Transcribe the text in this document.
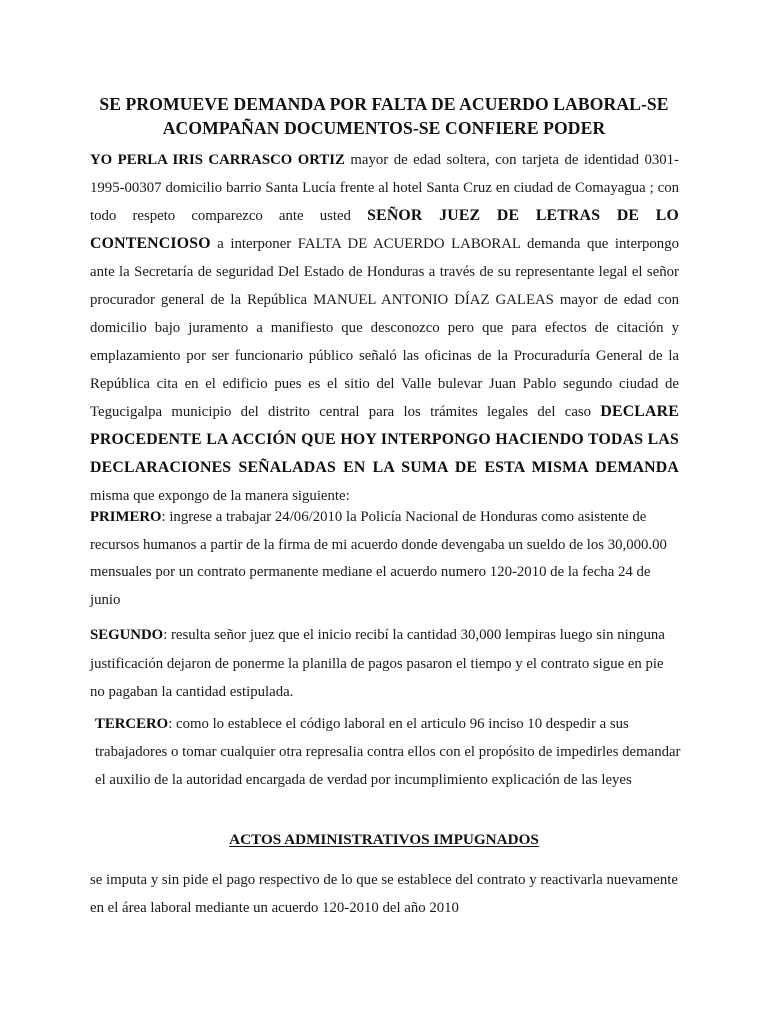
SE PROMUEVE DEMANDA POR FALTA DE ACUERDO LABORAL-SE
ACOMPAÑAN DOCUMENTOS-SE CONFIERE PODER

YO PERLA IRIS CARRASCO ORTIZ mayor de edad soltera, con tarjeta de identidad 0301-1995-00307 domicilio barrio Santa Lucía frente al hotel Santa Cruz en ciudad de Comayagua ; con todo respeto comparezco ante usted SEÑOR JUEZ DE LETRAS DE LO CONTENCIOSO a interponer FALTA DE ACUERDO LABORAL demanda que interpongo ante la Secretaría de seguridad Del Estado de Honduras a través de su representante legal el señor procurador general de la República MANUEL ANTONIO DÍAZ GALEAS mayor de edad con domicilio bajo juramento a manifiesto que desconozco pero que para efectos de citación y emplazamiento por ser funcionario público señaló las oficinas de la Procuraduría General de la República cita en el edificio pues es el sitio del Valle bulevar Juan Pablo segundo ciudad de Tegucigalpa municipio del distrito central para los trámites legales del caso DECLARE PROCEDENTE LA ACCIÓN QUE HOY INTERPONGO HACIENDO TODAS LAS DECLARACIONES SEÑALADAS EN LA SUMA DE ESTA MISMA DEMANDA misma que expongo de la manera siguiente:

PRIMERO: ingrese a trabajar 24/06/2010 la Policía Nacional de Honduras como asistente de recursos humanos a partir de la firma de mi acuerdo donde devengaba un sueldo de los 30,000.00 mensuales por un contrato permanente mediane el acuerdo numero 120-2010 de la fecha 24 de junio

SEGUNDO: resulta señor juez que el inicio recibí la cantidad 30,000 lempiras luego sin ninguna justificación dejaron de ponerme la planilla de pagos pasaron el tiempo y el contrato sigue en pie no pagaban la cantidad estipulada.

TERCERO: como lo establece el código laboral en el articulo 96 inciso 10 despedir a sus trabajadores o tomar cualquier otra represalia contra ellos con el propósito de impedirles demandar el auxilio de la autoridad encargada de verdad por incumplimiento explicación de las leyes

ACTOS ADMINISTRATIVOS IMPUGNADOS

se imputa y sin pide el pago respectivo de lo que se establece del contrato y reactivarla nuevamente en el área laboral mediante un acuerdo 120-2010 del año 2010
